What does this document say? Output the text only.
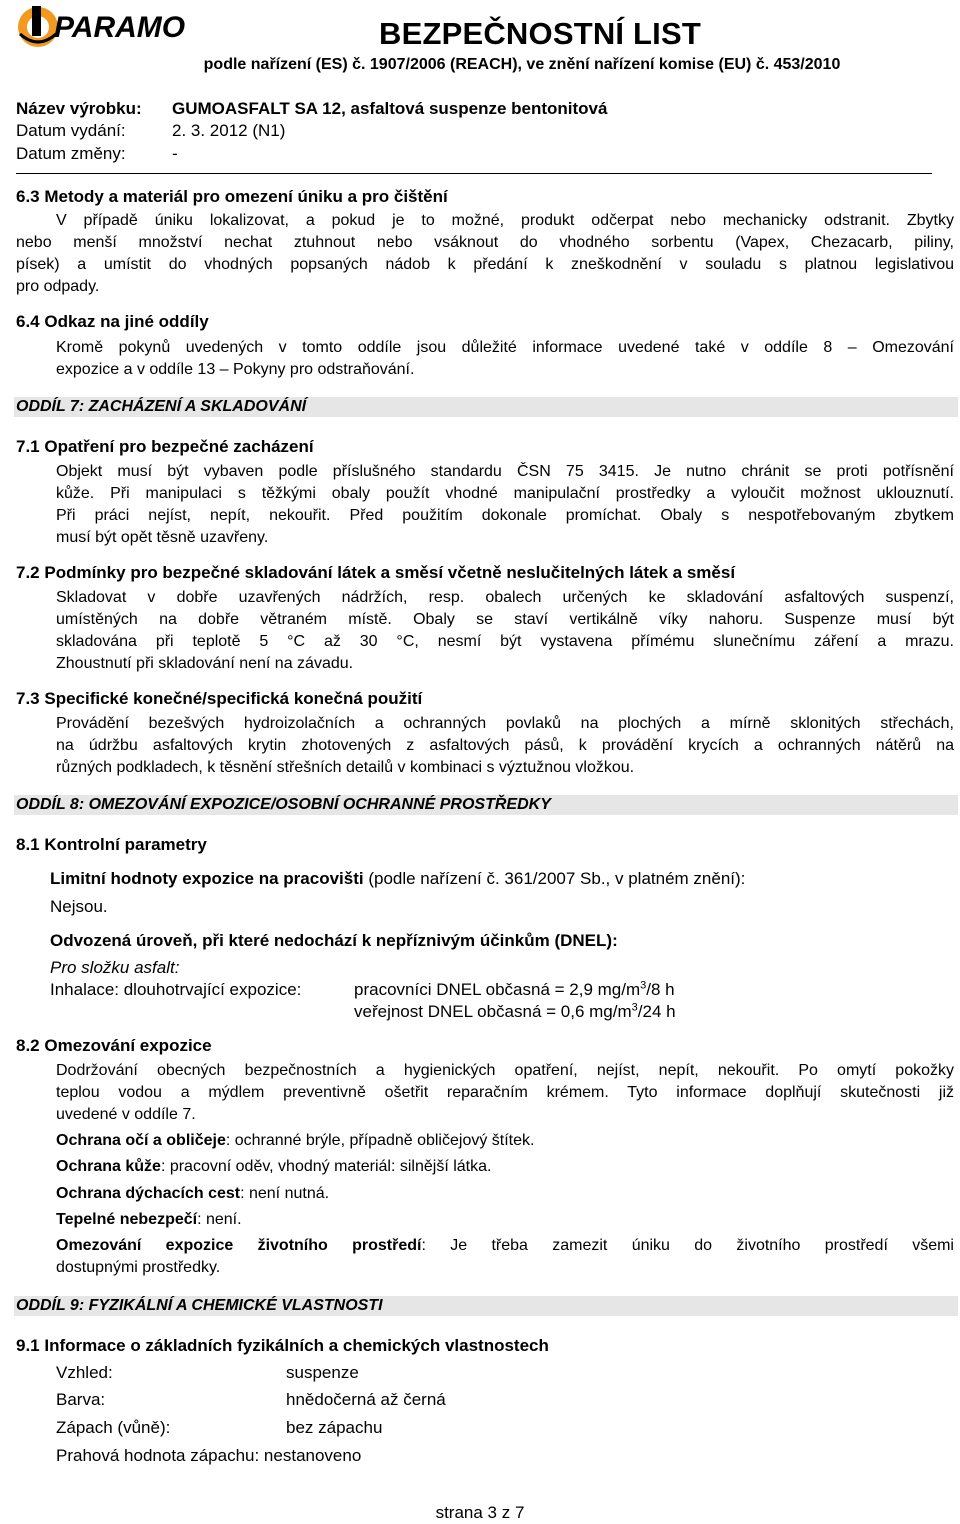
PARAMO	BEZPEČNOSTNÍ LIST
podle nařízení (ES) č. 1907/2006 (REACH), ve znění nařízení komise (EU) č. 453/2010
Název výrobku:	GUMOASFALT SA 12, asfaltová suspenze bentonitová
Datum vydání:	2. 3. 2012 (N1)
Datum změny:	-
6.3 Metody a materiál pro omezení úniku a pro čištění
V případě úniku lokalizovat, a pokud je to možné, produkt odčerpat nebo mechanicky odstranit. Zbytky
nebo menší množství nechat ztuhnout nebo vsáknout do vhodného sorbentu (Vapex, Chezacarb, piliny,
písek) a umístit do vhodných popsaných nádob k předání k zneškodnění v souladu s platnou legislativou
pro odpady.
6.4 Odkaz na jiné oddíly
Kromě pokynů uvedených v tomto oddíle jsou důležité informace uvedené také v oddíle 8 – Omezování
expozice a v oddíle 13 – Pokyny pro odstraňování.
ODDÍL 7: ZACHÁZENÍ A SKLADOVÁNÍ
7.1 Opatření pro bezpečné zacházení
Objekt musí být vybaven podle příslušného standardu ČSN 75 3415. Je nutno chránit se proti potřísnění
kůže. Při manipulaci s těžkými obaly použít vhodné manipulační prostředky a vyloučit možnost uklouznutí.
Při práci nejíst, nepít, nekouřit. Před použitím dokonale promíchat. Obaly s nespotřebovaným zbytkem
musí být opět těsně uzavřeny.
7.2 Podmínky pro bezpečné skladování látek a směsí včetně neslučitelných látek a směsí
Skladovat v dobře uzavřených nádržích, resp. obalech určených ke skladování asfaltových suspenzí,
umístěných na dobře větraném místě. Obaly se staví vertikálně víky nahoru. Suspenze musí být
skladována při teplotě 5 °C až 30 °C, nesmí být vystavena přímému slunečnímu záření a mrazu.
Zhoustnutí při skladování není na závadu.
7.3 Specifické konečné/specifická konečná použití
Provádění bezešvých hydroizolačních a ochranných povlaků na plochých a mírně sklonitých střechách,
na údržbu asfaltových krytin zhotovených z asfaltových pásů, k provádění krycích a ochranných nátěrů na
různých podkladech, k těsnění střešních detailů v kombinaci s výztužnou vložkou.
ODDÍL 8: OMEZOVÁNÍ EXPOZICE/OSOBNÍ OCHRANNÉ PROSTŘEDKY
8.1 Kontrolní parametry
Limitní hodnoty expozice na pracovišti (podle nařízení č. 361/2007 Sb., v platném znění):
Nejsou.
Odvozená úroveň, při které nedochází k nepříznivým účinkům (DNEL):
Pro složku asfalt:
Inhalace: dlouhotrvající expozice:	pracovníci DNEL občasná = 2,9 $mg/m^3/8$ h
veřejnost DNEL občasná = 0,6 $mg/m^3/24$ h
8.2 Omezování expozice
Dodržování obecných bezpečnostních a hygienických opatření, nejíst, nepít, nekouřit. Po omytí pokožky
teplou vodou a mýdlem preventivně ošetřit reparačním krémem. Tyto informace doplňují skutečnosti již
uvedené v oddíle 7.
Ochrana očí a obličeje: ochranné brýle, případně obličejový štítek.
Ochrana kůže: pracovní oděv, vhodný materiál: silnější látka.
Ochrana dýchacích cest: není nutná.
Tepelné nebezpečí: není.
Omezování expozice životního prostředí: Je třeba zamezit úniku do životního prostředí všemi
dostupnými prostředky.
ODDÍL 9: FYZIKÁLNÍ A CHEMICKÉ VLASTNOSTI
9.1 Informace o základních fyzikálních a chemických vlastnostech
Vzhled:	suspenze
Barva:	hnědočerná až černá
Zápach (vůně):	bez zápachu
Prahová hodnota zápachu: nestanoveno
strana 3 z 7
